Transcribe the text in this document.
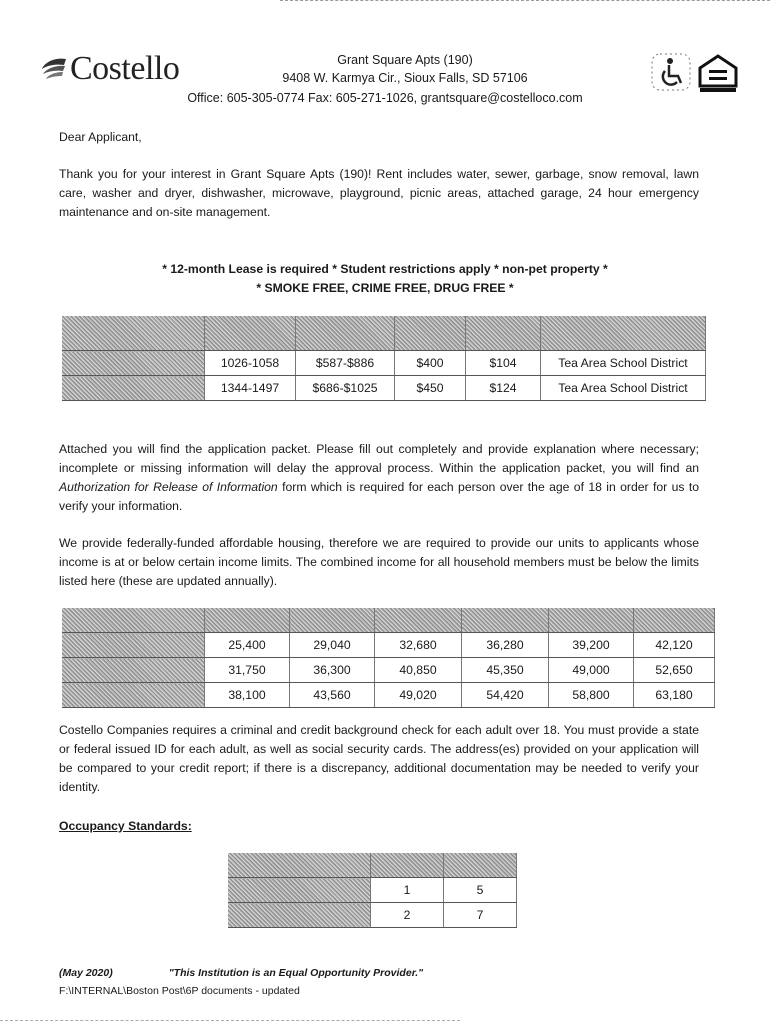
Costello	Grant Square Apts (190)
9408 W. Karmya Cir., Sioux Falls, SD 57106
Office: 605-305-0774 Fax: 605-271-1026, grantsquare@costelloco.com

Dear Applicant,

Thank you for your interest in Grant Square Apts (190)! Rent includes water, sewer, garbage, snow removal, lawn care, washer and dryer, dishwasher, microwave, playground, picnic areas, attached garage, 24 hour emergency maintenance and on-site management.

* 12-month Lease is required * Student restrictions apply * non-pet property *
* SMOKE FREE, CRIME FREE, DRUG FREE *

	1026-1058	$587-$886	$400	$104	Tea Area School District
	1344-1497	$686-$1025	$450	$124	Tea Area School District

Attached you will find the application packet. Please fill out completely and provide explanation where necessary; incomplete or missing information will delay the approval process. Within the application packet, you will find an Authorization for Release of Information form which is required for each person over the age of 18 in order for us to verify your information.

We provide federally-funded affordable housing, therefore we are required to provide our units to applicants whose income is at or below certain income limits. The combined income for all household members must be below the limits listed here (these are updated annually).

	25,400	29,040	32,680	36,280	39,200	42,120
	31,750	36,300	40,850	45,350	49,000	52,650
	38,100	43,560	49,020	54,420	58,800	63,180

Costello Companies requires a criminal and credit background check for each adult over 18. You must provide a state or federal issued ID for each adult, as well as social security cards. The address(es) provided on your application will be compared to your credit report; if there is a discrepancy, additional documentation may be needed to verify your identity.

Occupancy Standards:

	1	5
	2	7
(May 2020)	"This Institution is an Equal Opportunity Provider."
F:\INTERNAL\Boston Post\6P documents - updated
